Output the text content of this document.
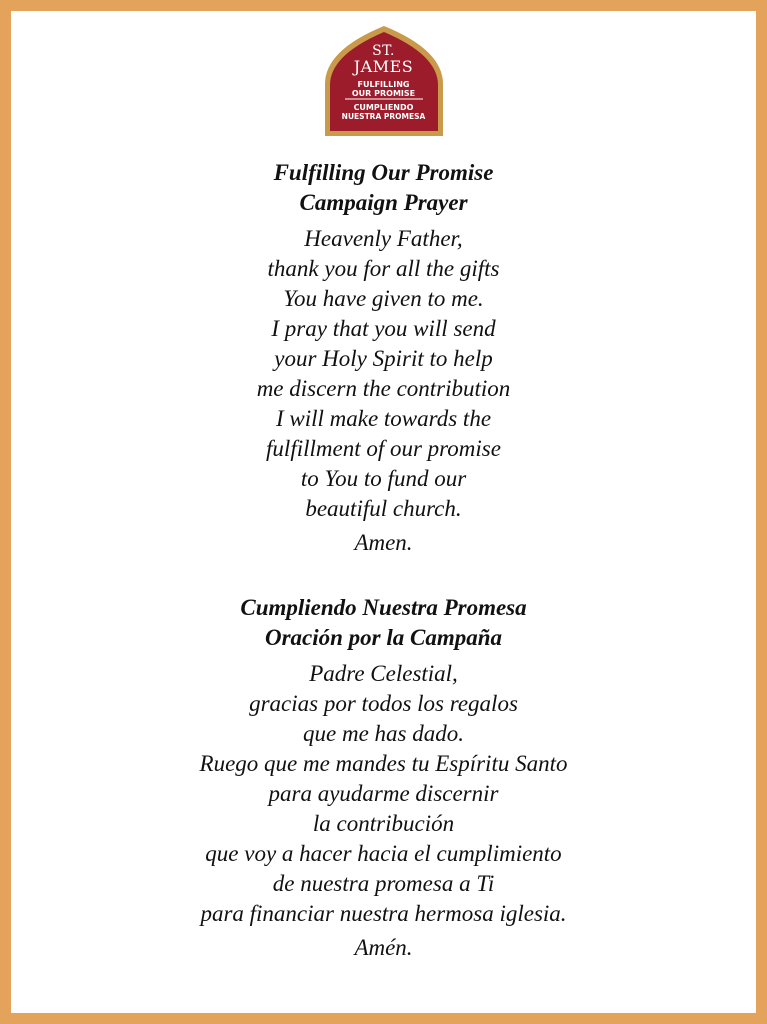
ST.
JAMES
FULFILLING
OUR PROMISE
CUMPLIENDO
NUESTRA PROMESA

Fulfilling Our Promise

Campaign Prayer

Heavenly Father,

thank you for all the gifts

You have given to me.

I pray that you will send

your Holy Spirit to help

me discern the contribution

I will make towards the

fulfillment of our promise

to You to fund our

beautiful church.

Amen.

Cumpliendo Nuestra Promesa

Oración por la Campaña

Padre Celestial,

gracias por todos los regalos

que me has dado.

Ruego que me mandes tu Espíritu Santo

para ayudarme discernir

la contribución

que voy a hacer hacia el cumplimiento

de nuestra promesa a Ti

para financiar nuestra hermosa iglesia.

Amén.
